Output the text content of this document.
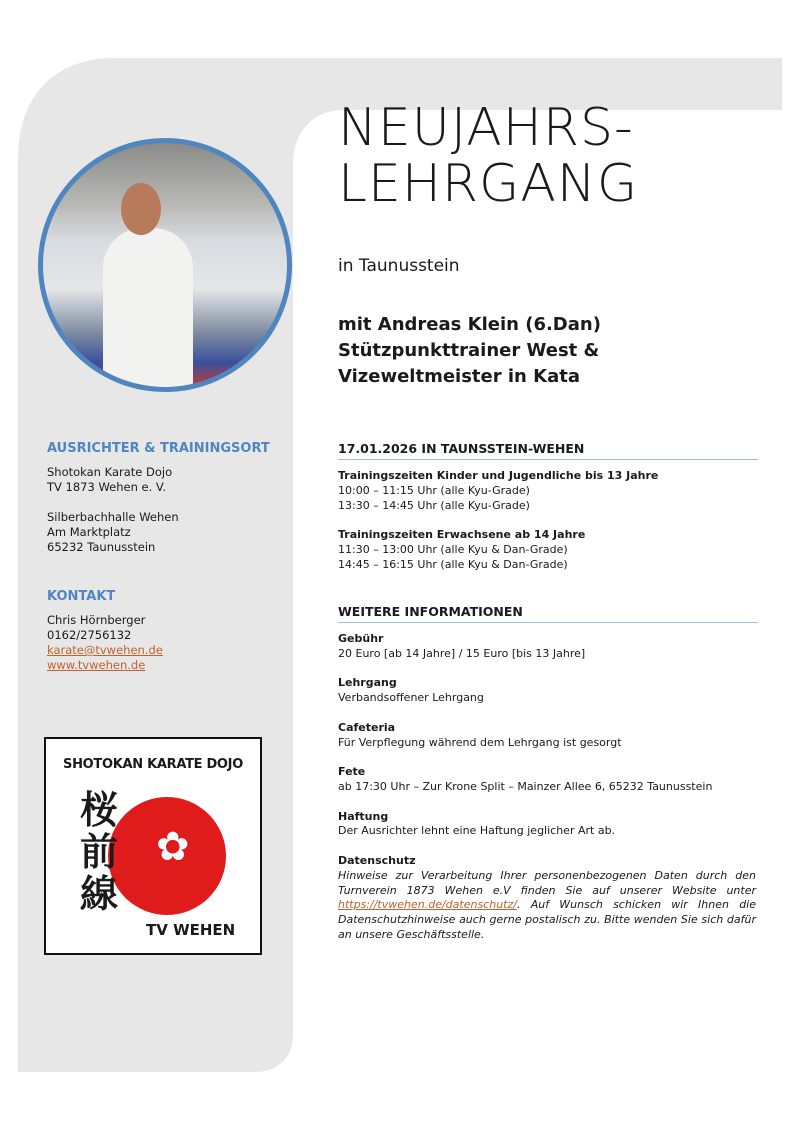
NEUJAHRS-
LEHRGANG
in Taunusstein
mit Andreas Klein (6.Dan)
Stützpunkttrainer West &
Vizeweltmeister in Kata
AUSRICHTER & TRAININGSORT
Shotokan Karate Dojo
TV 1873 Wehen e. V.

Silberbachhalle Wehen
Am Marktplatz
65232 Taunusstein
KONTAKT
Chris Hörnberger
0162/2756132
karate@tvwehen.de
www.tvwehen.de
SHOTOKAN KARATE DOJO
桜前線
✿
TV WEHEN
17.01.2026 IN TAUNSSTEIN-WEHEN
Trainingszeiten Kinder und Jugendliche bis 13 Jahre
10:00 – 11:15 Uhr (alle Kyu-Grade)
13:30 – 14:45 Uhr (alle Kyu-Grade)

Trainingszeiten Erwachsene ab 14 Jahre
11:30 – 13:00 Uhr (alle Kyu & Dan-Grade)
14:45 – 16:15 Uhr (alle Kyu & Dan-Grade)
WEITERE INFORMATIONEN
Gebühr
20 Euro [ab 14 Jahre] / 15 Euro [bis 13 Jahre]

Lehrgang
Verbandsoffener Lehrgang

Cafeteria
Für Verpflegung während dem Lehrgang ist gesorgt

Fete
ab 17:30 Uhr – Zur Krone Split – Mainzer Allee 6, 65232 Taunusstein

Haftung
Der Ausrichter lehnt eine Haftung jeglicher Art ab.

Datenschutz
Hinweise zur Verarbeitung Ihrer personenbezogenen Daten durch den Turnverein 1873 Wehen e.V finden Sie auf unserer Website unter https://tvwehen.de/datenschutz/. Auf Wunsch schicken wir Ihnen die Datenschutzhinweise auch gerne postalisch zu. Bitte wenden Sie sich dafür an unsere Geschäftsstelle.
